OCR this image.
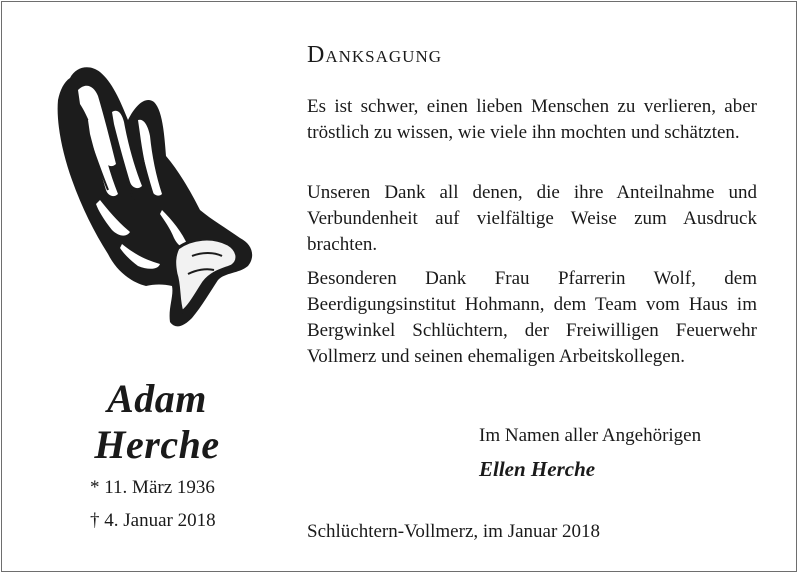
Adam
Herche
* 11. März 1936
† 4. Januar 2018
Danksagung

Es ist schwer, einen lieben Menschen zu verlieren, aber tröstlich zu wissen, wie viele ihn mochten und schätzten.

Unseren Dank all denen, die ihre Anteilnahme und Verbundenheit auf vielfältige Weise zum Ausdruck brachten.

Besonderen Dank Frau Pfarrerin Wolf, dem Beerdigungsinstitut Hohmann, dem Team vom Haus im Bergwinkel Schlüchtern, der Freiwilligen Feuerwehr Vollmerz und seinen ehemaligen Arbeitskollegen.

Im Namen aller Angehörigen
Ellen Herche
Schlüchtern-Vollmerz, im Januar 2018
